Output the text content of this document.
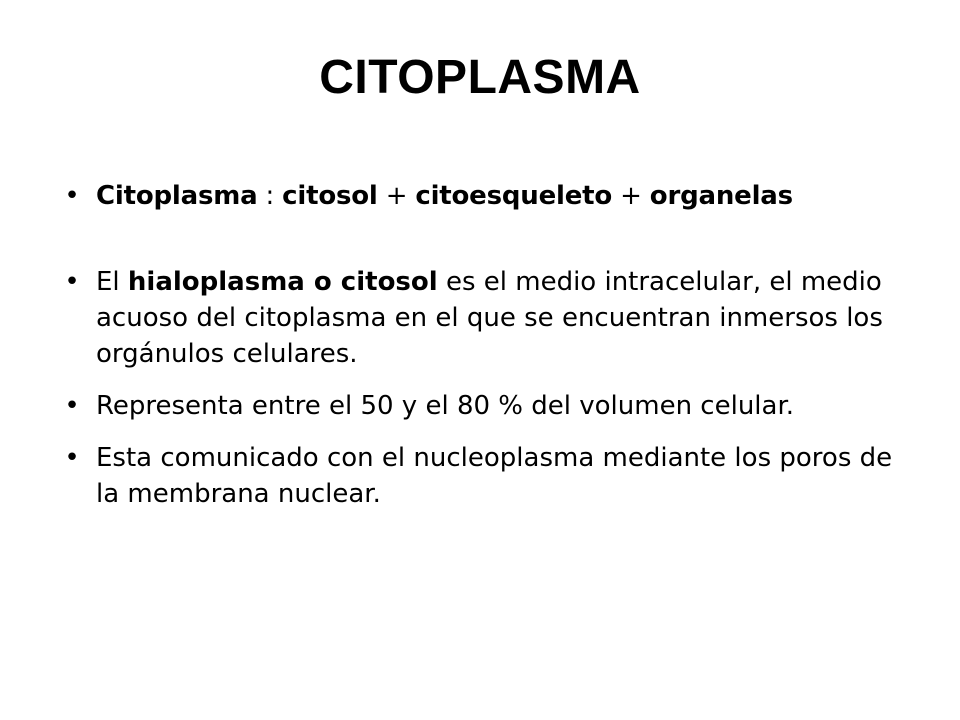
CITOPLASMA
• Citoplasma : citosol + citoesqueleto + organelas
• El hialoplasma o citosol es el medio intracelular, el medio acuoso del citoplasma en el que se encuentran inmersos los orgánulos celulares.
• Representa entre el 50 y el 80 % del volumen celular.
• Esta comunicado con el nucleoplasma mediante los poros de la membrana nuclear.
